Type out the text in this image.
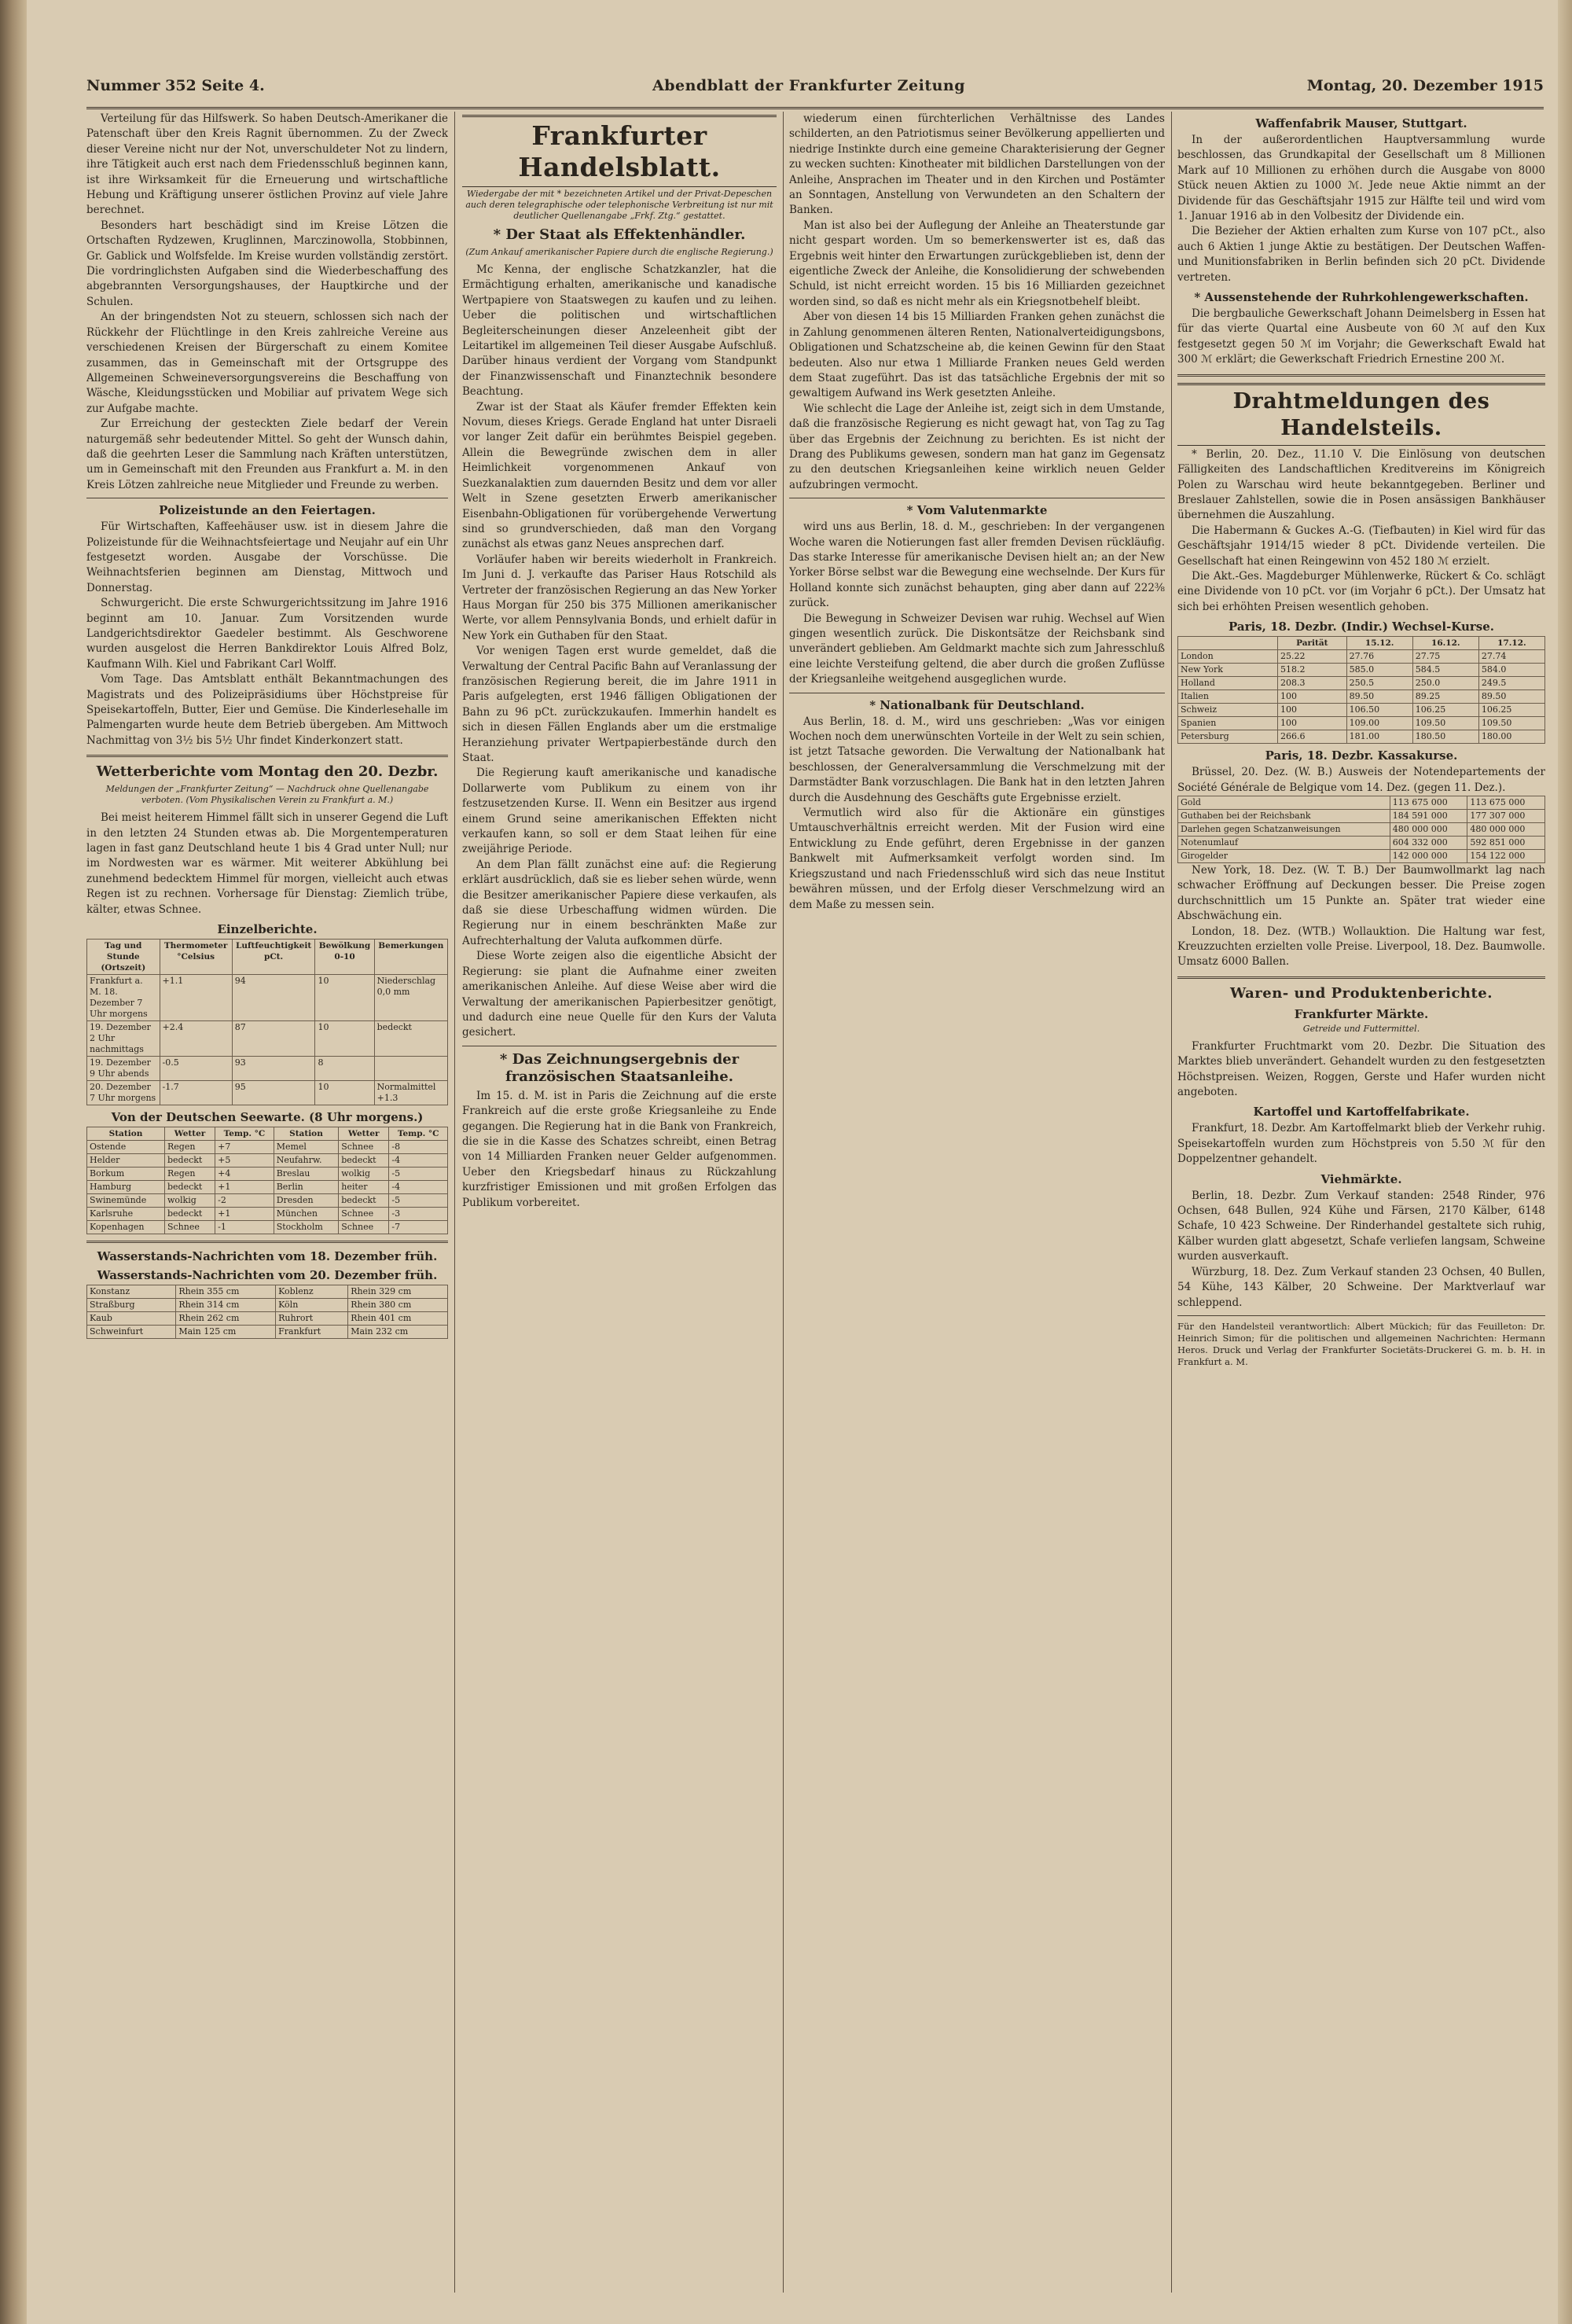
Nummer 352 Seite 4.	Abendblatt der Frankfurter Zeitung	Montag, 20. Dezember 1915

Verteilung für das Hilfswerk. So haben Deutsch-Amerikaner die Patenschaft über den Kreis Ragnit übernommen. Zu der Zweck dieser Vereine nicht nur der Not, unverschuldeter Not zu lindern, ihre Tätigkeit auch erst nach dem Friedensschluß beginnen kann, ist ihre Wirksamkeit für die Erneuerung und wirtschaftliche Hebung und Kräftigung unserer östlichen Provinz auf viele Jahre berechnet.

Besonders hart beschädigt sind im Kreise Lötzen die Ortschaften Rydzewen, Kruglinnen, Marczinowolla, Stobbinnen, Gr. Gablick und Wolfsfelde. Im Kreise wurden vollständig zerstört. Die vordringlichsten Aufgaben sind die Wiederbeschaffung des abgebrannten Versorgungshauses, der Hauptkirche und der Schulen.

An der bringendsten Not zu steuern, schlossen sich nach der Rückkehr der Flüchtlinge in den Kreis zahlreiche Vereine aus verschiedenen Kreisen der Bürgerschaft zu einem Komitee zusammen, das in Gemeinschaft mit der Ortsgruppe des Allgemeinen Schweineversorgungsvereins die Beschaffung von Wäsche, Kleidungsstücken und Mobiliar auf privatem Wege sich zur Aufgabe machte.

Zur Erreichung der gesteckten Ziele bedarf der Verein naturgemäß sehr bedeutender Mittel. So geht der Wunsch dahin, daß die geehrten Leser die Sammlung nach Kräften unterstützen, um in Gemeinschaft mit den Freunden aus Frankfurt a. M. in den Kreis Lötzen zahlreiche neue Mitglieder und Freunde zu werben.

Polizeistunde an den Feiertagen.

Für Wirtschaften, Kaffeehäuser usw. ist in diesem Jahre die Polizeistunde für die Weihnachtsfeiertage und Neujahr auf ein Uhr festgesetzt worden. Ausgabe der Vorschüsse. Die Weihnachtsferien beginnen am Dienstag, Mittwoch und Donnerstag.

Schwurgericht. Die erste Schwurgerichtssitzung im Jahre 1916 beginnt am 10. Januar. Zum Vorsitzenden wurde Landgerichtsdirektor Gaedeler bestimmt. Als Geschworene wurden ausgelost die Herren Bankdirektor Louis Alfred Bolz, Kaufmann Wilh. Kiel und Fabrikant Carl Wolff.

Vom Tage. Das Amtsblatt enthält Bekanntmachungen des Magistrats und des Polizeipräsidiums über Höchstpreise für Speisekartoffeln, Butter, Eier und Gemüse. Die Kinderlesehalle im Palmengarten wurde heute dem Betrieb übergeben. Am Mittwoch Nachmittag von 3½ bis 5½ Uhr findet Kinderkonzert statt.

Wetterberichte vom Montag den 20. Dezbr.
Meldungen der „Frankfurter Zeitung“ — Nachdruck ohne Quellenangabe verboten. (Vom Physikalischen Verein zu Frankfurt a. M.)

Bei meist heiterem Himmel fällt sich in unserer Gegend die Luft in den letzten 24 Stunden etwas ab. Die Morgentemperaturen lagen in fast ganz Deutschland heute 1 bis 4 Grad unter Null; nur im Nordwesten war es wärmer. Mit weiterer Abkühlung bei zunehmend bedecktem Himmel für morgen, vielleicht auch etwas Regen ist zu rechnen. Vorhersage für Dienstag: Ziemlich trübe, kälter, etwas Schnee.

Einzelberichte.
Tag und Stunde (Ortszeit)	Thermometer °Celsius	Luftfeuchtigkeit pCt.	Bewölkung 0-10	Bemerkungen
Frankfurt a. M. 18. Dezember 7 Uhr morgens	+1.1	94	10	Niederschlag 0,0 mm
19. Dezember 2 Uhr nachmittags	+2.4	87	10	bedeckt
19. Dezember 9 Uhr abends	-0.5	93	8	
20. Dezember 7 Uhr morgens	-1.7	95	10	Normalmittel +1.3
Von der Deutschen Seewarte. (8 Uhr morgens.)
Station	Wetter	Temp. °C	Station	Wetter	Temp. °C
Ostende	Regen	+7	Memel	Schnee	-8
Helder	bedeckt	+5	Neufahrw.	bedeckt	-4
Borkum	Regen	+4	Breslau	wolkig	-5
Hamburg	bedeckt	+1	Berlin	heiter	-4
Swinemünde	wolkig	-2	Dresden	bedeckt	-5
Karlsruhe	bedeckt	+1	München	Schnee	-3
Kopenhagen	Schnee	-1	Stockholm	Schnee	-7
Wasserstands-Nachrichten vom 18. Dezember früh.
Wasserstands-Nachrichten vom 20. Dezember früh.
Konstanz	Rhein 355 cm	Koblenz	Rhein 329 cm
Straßburg	Rhein 314 cm	Köln	Rhein 380 cm
Kaub	Rhein 262 cm	Ruhrort	Rhein 401 cm
Schweinfurt	Main 125 cm	Frankfurt	Main 232 cm
Frankfurter Handelsblatt.
Wiedergabe der mit * bezeichneten Artikel und der Privat-Depeschen auch deren telegraphische oder telephonische Verbreitung ist nur mit deutlicher Quellenangabe „Frkf. Ztg.“ gestattet.
* Der Staat als Effektenhändler.
(Zum Ankauf amerikanischer Papiere durch die englische Regierung.)

Mc Kenna, der englische Schatzkanzler, hat die Ermächtigung erhalten, amerikanische und kanadische Wertpapiere von Staatswegen zu kaufen und zu leihen. Ueber die politischen und wirtschaftlichen Begleiterscheinungen dieser Anzeleenheit gibt der Leitartikel im allgemeinen Teil dieser Ausgabe Aufschluß. Darüber hinaus verdient der Vorgang vom Standpunkt der Finanzwissenschaft und Finanztechnik besondere Beachtung.

Zwar ist der Staat als Käufer fremder Effekten kein Novum, dieses Kriegs. Gerade England hat unter Disraeli vor langer Zeit dafür ein berühmtes Beispiel gegeben. Allein die Bewegründe zwischen dem in aller Heimlichkeit vorgenommenen Ankauf von Suezkanalaktien zum dauernden Besitz und dem vor aller Welt in Szene gesetzten Erwerb amerikanischer Eisenbahn-Obligationen für vorübergehende Verwertung sind so grundverschieden, daß man den Vorgang zunächst als etwas ganz Neues ansprechen darf.

Vorläufer haben wir bereits wiederholt in Frankreich. Im Juni d. J. verkaufte das Pariser Haus Rotschild als Vertreter der französischen Regierung an das New Yorker Haus Morgan für 250 bis 375 Millionen amerikanischer Werte, vor allem Pennsylvania Bonds, und erhielt dafür in New York ein Guthaben für den Staat.

Vor wenigen Tagen erst wurde gemeldet, daß die Verwaltung der Central Pacific Bahn auf Veranlassung der französischen Regierung bereit, die im Jahre 1911 in Paris aufgelegten, erst 1946 fälligen Obligationen der Bahn zu 96 pCt. zurückzukaufen. Immerhin handelt es sich in diesen Fällen Englands aber um die erstmalige Heranziehung privater Wertpapierbestände durch den Staat.

Die Regierung kauft amerikanische und kanadische Dollarwerte vom Publikum zu einem von ihr festzusetzenden Kurse. II. Wenn ein Besitzer aus irgend einem Grund seine amerikanischen Effekten nicht verkaufen kann, so soll er dem Staat leihen für eine zweijährige Periode.

An dem Plan fällt zunächst eine auf: die Regierung erklärt ausdrücklich, daß sie es lieber sehen würde, wenn die Besitzer amerikanischer Papiere diese verkaufen, als daß sie diese Urbeschaffung widmen würden. Die Regierung nur in einem beschränkten Maße zur Aufrechterhaltung der Valuta aufkommen dürfe.

Diese Worte zeigen also die eigentliche Absicht der Regierung: sie plant die Aufnahme einer zweiten amerikanischen Anleihe. Auf diese Weise aber wird die Verwaltung der amerikanischen Papierbesitzer genötigt, und dadurch eine neue Quelle für den Kurs der Valuta gesichert.

* Das Zeichnungsergebnis der französischen Staatsanleihe.

Im 15. d. M. ist in Paris die Zeichnung auf die erste Frankreich auf die erste große Kriegsanleihe zu Ende gegangen. Die Regierung hat in die Bank von Frankreich, die sie in die Kasse des Schatzes schreibt, einen Betrag von 14 Milliarden Franken neuer Gelder aufgenommen. Ueber den Kriegsbedarf hinaus zu Rückzahlung kurzfristiger Emissionen und mit großen Erfolgen das Publikum vorbereitet.

wiederum einen fürchterlichen Verhältnisse des Landes schilderten, an den Patriotismus seiner Bevölkerung appellierten und niedrige Instinkte durch eine gemeine Charakterisierung der Gegner zu wecken suchten: Kinotheater mit bildlichen Darstellungen von der Anleihe, Ansprachen im Theater und in den Kirchen und Postämter an Sonntagen, Anstellung von Verwundeten an den Schaltern der Banken.

Man ist also bei der Auflegung der Anleihe an Theaterstunde gar nicht gespart worden. Um so bemerkenswerter ist es, daß das Ergebnis weit hinter den Erwartungen zurückgeblieben ist, denn der eigentliche Zweck der Anleihe, die Konsolidierung der schwebenden Schuld, ist nicht erreicht worden. 15 bis 16 Milliarden gezeichnet worden sind, so daß es nicht mehr als ein Kriegsnotbehelf bleibt.

Aber von diesen 14 bis 15 Milliarden Franken gehen zunächst die in Zahlung genommenen älteren Renten, Nationalverteidigungsbons, Obligationen und Schatzscheine ab, die keinen Gewinn für den Staat bedeuten. Also nur etwa 1 Milliarde Franken neues Geld werden dem Staat zugeführt. Das ist das tatsächliche Ergebnis der mit so gewaltigem Aufwand ins Werk gesetzten Anleihe.

Wie schlecht die Lage der Anleihe ist, zeigt sich in dem Umstande, daß die französische Regierung es nicht gewagt hat, von Tag zu Tag über das Ergebnis der Zeichnung zu berichten. Es ist nicht der Drang des Publikums gewesen, sondern man hat ganz im Gegensatz zu den deutschen Kriegsanleihen keine wirklich neuen Gelder aufzubringen vermocht.

* Vom Valutenmarkte

wird uns aus Berlin, 18. d. M., geschrieben: In der vergangenen Woche waren die Notierungen fast aller fremden Devisen rückläufig. Das starke Interesse für amerikanische Devisen hielt an; an der New Yorker Börse selbst war die Bewegung eine wechselnde. Der Kurs für Holland konnte sich zunächst behaupten, ging aber dann auf 222⅜ zurück.

Die Bewegung in Schweizer Devisen war ruhig. Wechsel auf Wien gingen wesentlich zurück. Die Diskontsätze der Reichsbank sind unverändert geblieben. Am Geldmarkt machte sich zum Jahresschluß eine leichte Versteifung geltend, die aber durch die großen Zuflüsse der Kriegsanleihe weitgehend ausgeglichen wurde.

* Nationalbank für Deutschland.

Aus Berlin, 18. d. M., wird uns geschrieben: „Was vor einigen Wochen noch dem unerwünschten Vorteile in der Welt zu sein schien, ist jetzt Tatsache geworden. Die Verwaltung der Nationalbank hat beschlossen, der Generalversammlung die Verschmelzung mit der Darmstädter Bank vorzuschlagen. Die Bank hat in den letzten Jahren durch die Ausdehnung des Geschäfts gute Ergebnisse erzielt.

Vermutlich wird also für die Aktionäre ein günstiges Umtauschverhältnis erreicht werden. Mit der Fusion wird eine Entwicklung zu Ende geführt, deren Ergebnisse in der ganzen Bankwelt mit Aufmerksamkeit verfolgt worden sind. Im Kriegszustand und nach Friedensschluß wird sich das neue Institut bewähren müssen, und der Erfolg dieser Verschmelzung wird an dem Maße zu messen sein.

Waffenfabrik Mauser, Stuttgart.

In der außerordentlichen Hauptversammlung wurde beschlossen, das Grundkapital der Gesellschaft um 8 Millionen Mark auf 10 Millionen zu erhöhen durch die Ausgabe von 8000 Stück neuen Aktien zu 1000 ℳ. Jede neue Aktie nimmt an der Dividende für das Geschäftsjahr 1915 zur Hälfte teil und wird vom 1. Januar 1916 ab in den Volbesitz der Dividende ein.

Die Bezieher der Aktien erhalten zum Kurse von 107 pCt., also auch 6 Aktien 1 junge Aktie zu bestätigen. Der Deutschen Waffen- und Munitionsfabriken in Berlin befinden sich 20 pCt. Dividende vertreten.

* Aussenstehende der Ruhrkohlengewerkschaften.

Die bergbauliche Gewerkschaft Johann Deimelsberg in Essen hat für das vierte Quartal eine Ausbeute von 60 ℳ auf den Kux festgesetzt gegen 50 ℳ im Vorjahr; die Gewerkschaft Ewald hat 300 ℳ erklärt; die Gewerkschaft Friedrich Ernestine 200 ℳ.

Drahtmeldungen des Handelsteils.

* Berlin, 20. Dez., 11.10 V. Die Einlösung von deutschen Fälligkeiten des Landschaftlichen Kreditvereins im Königreich Polen zu Warschau wird heute bekanntgegeben. Berliner und Breslauer Zahlstellen, sowie die in Posen ansässigen Bankhäuser übernehmen die Auszahlung.

Die Habermann & Guckes A.-G. (Tiefbauten) in Kiel wird für das Geschäftsjahr 1914/15 wieder 8 pCt. Dividende verteilen. Die Gesellschaft hat einen Reingewinn von 452 180 ℳ erzielt.

Die Akt.-Ges. Magdeburger Mühlenwerke, Rückert & Co. schlägt eine Dividende von 10 pCt. vor (im Vorjahr 6 pCt.). Der Umsatz hat sich bei erhöhten Preisen wesentlich gehoben.

Paris, 18. Dezbr. (Indir.) Wechsel-Kurse.
	Parität	15.12.	16.12.	17.12.
London	25.22	27.76	27.75	27.74
New York	518.2	585.0	584.5	584.0
Holland	208.3	250.5	250.0	249.5
Italien	100	89.50	89.25	89.50
Schweiz	100	106.50	106.25	106.25
Spanien	100	109.00	109.50	109.50
Petersburg	266.6	181.00	180.50	180.00
Paris, 18. Dezbr. Kassakurse.

Brüssel, 20. Dez. (W. B.) Ausweis der Notendepartements der Société Générale de Belgique vom 14. Dez. (gegen 11. Dez.).

Gold	113 675 000	113 675 000
Guthaben bei der Reichsbank	184 591 000	177 307 000
Darlehen gegen Schatzanweisungen	480 000 000	480 000 000
Notenumlauf	604 332 000	592 851 000
Girogelder	142 000 000	154 122 000

New York, 18. Dez. (W. T. B.) Der Baumwollmarkt lag nach schwacher Eröffnung auf Deckungen besser. Die Preise zogen durchschnittlich um 15 Punkte an. Später trat wieder eine Abschwächung ein.

London, 18. Dez. (WTB.) Wollauktion. Die Haltung war fest, Kreuzzuchten erzielten volle Preise. Liverpool, 18. Dez. Baumwolle. Umsatz 6000 Ballen.

Waren- und Produktenberichte.
Frankfurter Märkte.
Getreide und Futtermittel.

Frankfurter Fruchtmarkt vom 20. Dezbr. Die Situation des Marktes blieb unverändert. Gehandelt wurden zu den festgesetzten Höchstpreisen. Weizen, Roggen, Gerste und Hafer wurden nicht angeboten.

Kartoffel und Kartoffelfabrikate.

Frankfurt, 18. Dezbr. Am Kartoffelmarkt blieb der Verkehr ruhig. Speisekartoffeln wurden zum Höchstpreis von 5.50 ℳ für den Doppelzentner gehandelt.

Viehmärkte.

Berlin, 18. Dezbr. Zum Verkauf standen: 2548 Rinder, 976 Ochsen, 648 Bullen, 924 Kühe und Färsen, 2170 Kälber, 6148 Schafe, 10 423 Schweine. Der Rinderhandel gestaltete sich ruhig, Kälber wurden glatt abgesetzt, Schafe verliefen langsam, Schweine wurden ausverkauft.

Würzburg, 18. Dez. Zum Verkauf standen 23 Ochsen, 40 Bullen, 54 Kühe, 143 Kälber, 20 Schweine. Der Marktverlauf war schleppend.

Für den Handelsteil verantwortlich: Albert Mückich; für das Feuilleton: Dr. Heinrich Simon; für die politischen und allgemeinen Nachrichten: Hermann Heros. Druck und Verlag der Frankfurter Societäts-Druckerei G. m. b. H. in Frankfurt a. M.
